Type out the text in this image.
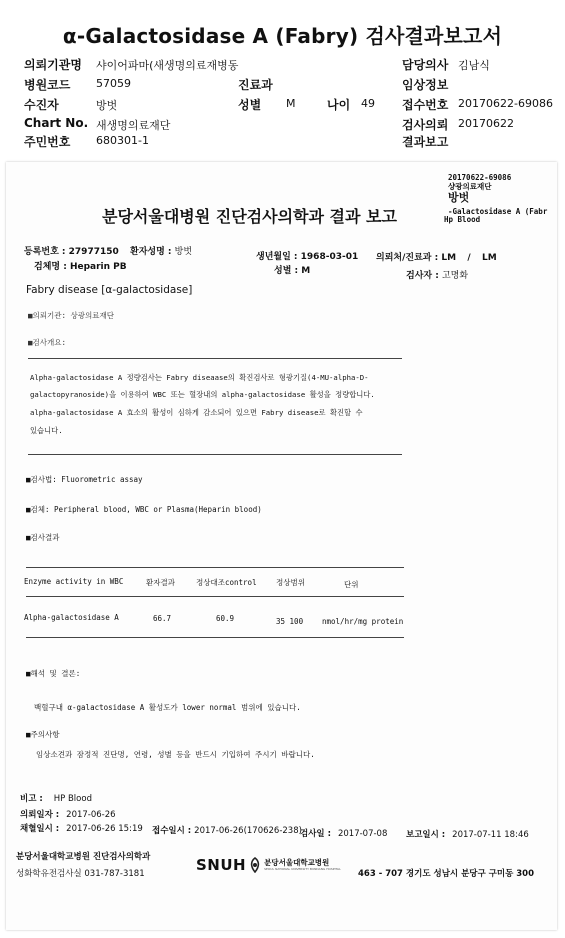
α-Galactosidase A (Fabry) 검사결과보고서
의뢰기관명 샤이어파마(새생명의료재병동	담당의사 김남식
병원코드 57059	진료과	임상정보
수진자	방벗	성별 M	나이 49 접수번호 20170622-69086
Chart No. 새생명의료재단	검사의뢰 20170622
주민번호 680301-1	결과보고
20170622-69086
샹광의료재단
방벗
-Galactosidase A (Fabr
Hp Blood
분당서울대병원 진단검사의학과 결과 보고
등록번호 : 27977150 환자성명 : 방벗	생년월일 : 1968-03-01 의뢰처/진료과 : LM / LM
검체명 : Heparin PB	성별 : M	검사자 : 고명화
Fabry disease [α-galactosidase]
■의뢰기관: 상광의료재단
■검사개요:
Alpha-galactosidase A 정량검사는 Fabry diseaase의 확진검사로 형광기질(4-MU-alpha-D-
galactopyranoside)을 이용하여 WBC 또는 혈장내의 alpha-galactosidase 활성을 정량합니다.
alpha-galactosidase A 효소의 활성이 심하게 감소되어 있으면 Fabry disease로 확진할 수
있습니다.
■검사법: Fluorometric assay
■검체: Peripheral blood, WBC or Plasma(Heparin blood)
■검사결과
Enzyme activity in WBC	환자결과	정상대조control	정상범위	단위
Alpha-galactosidase A	66.7	60.9	35 100	nmol/hr/mg protein
■해석 및 결론:
백혈구내 α-galactosidase A 활성도가 lower normal 범위에 있습니다.
■주의사항
임상소견과 잠정적 진단명, 연령, 성별 등을 반드시 기입하여 주시기 바랍니다.
비고 : HP Blood
의뢰일자 : 2017-06-26
채혈일시 : 2017-06-26 15:19 접수일시 : 2017-06-26(170626-238)
검사일 : 2017-07-08 보고일시 : 2017-07-11 18:46
분당서울대학교병원 진단검사의학과
성화학유전검사실 031-787-3181	SNUH 분당서울대학교병원
SEOUL NATIONAL UNIVERSITY BUNDANG HOSPITAL 463 - 707 경기도 성남시 분당구 구미동 300
